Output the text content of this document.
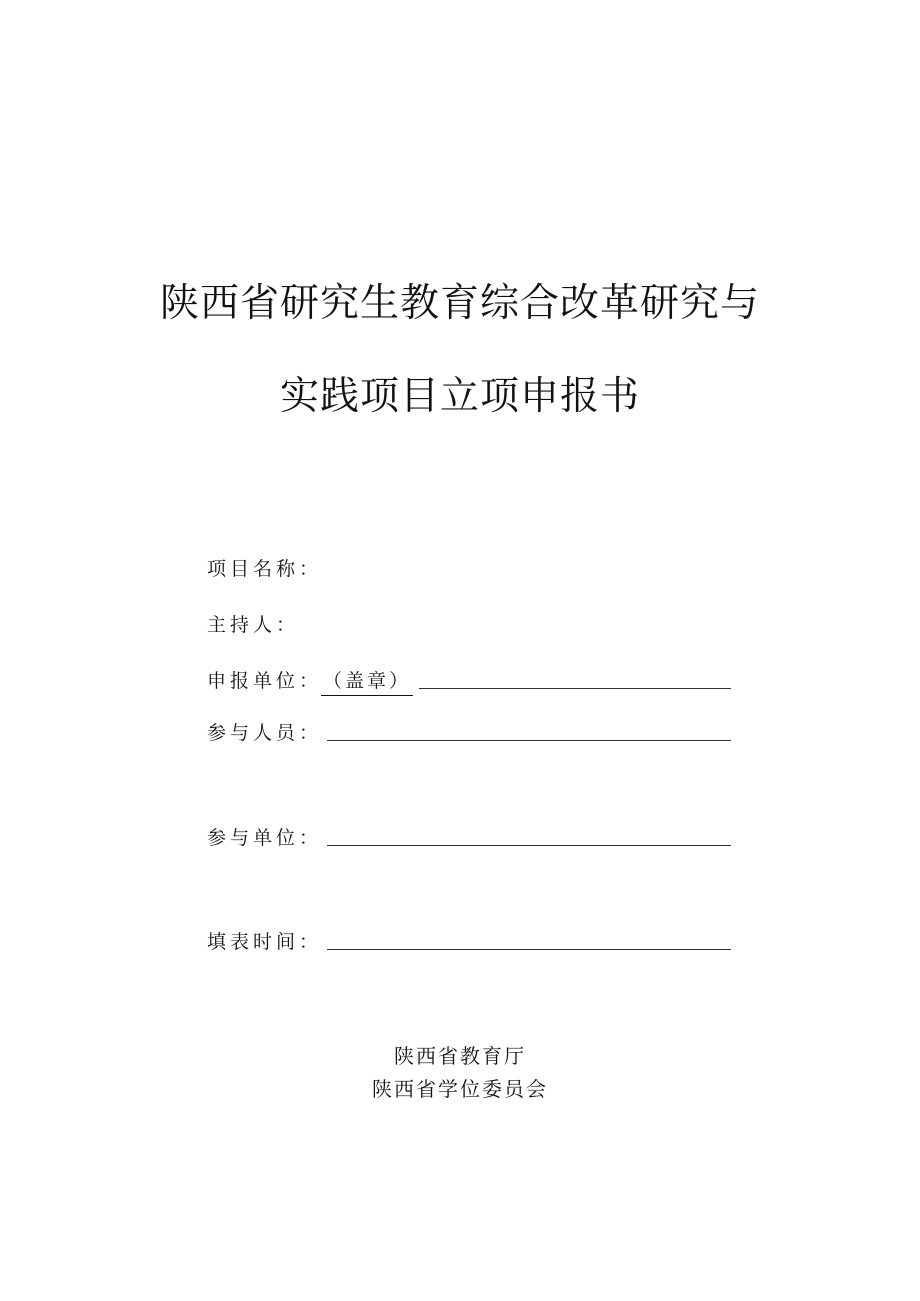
陕西省研究生教育综合改革研究与
实践项目立项申报书
项目名称：
主持人：
申报单位： （盖章）
参与人员：
参与单位：
填表时间：
陕西省教育厅
陕西省学位委员会
